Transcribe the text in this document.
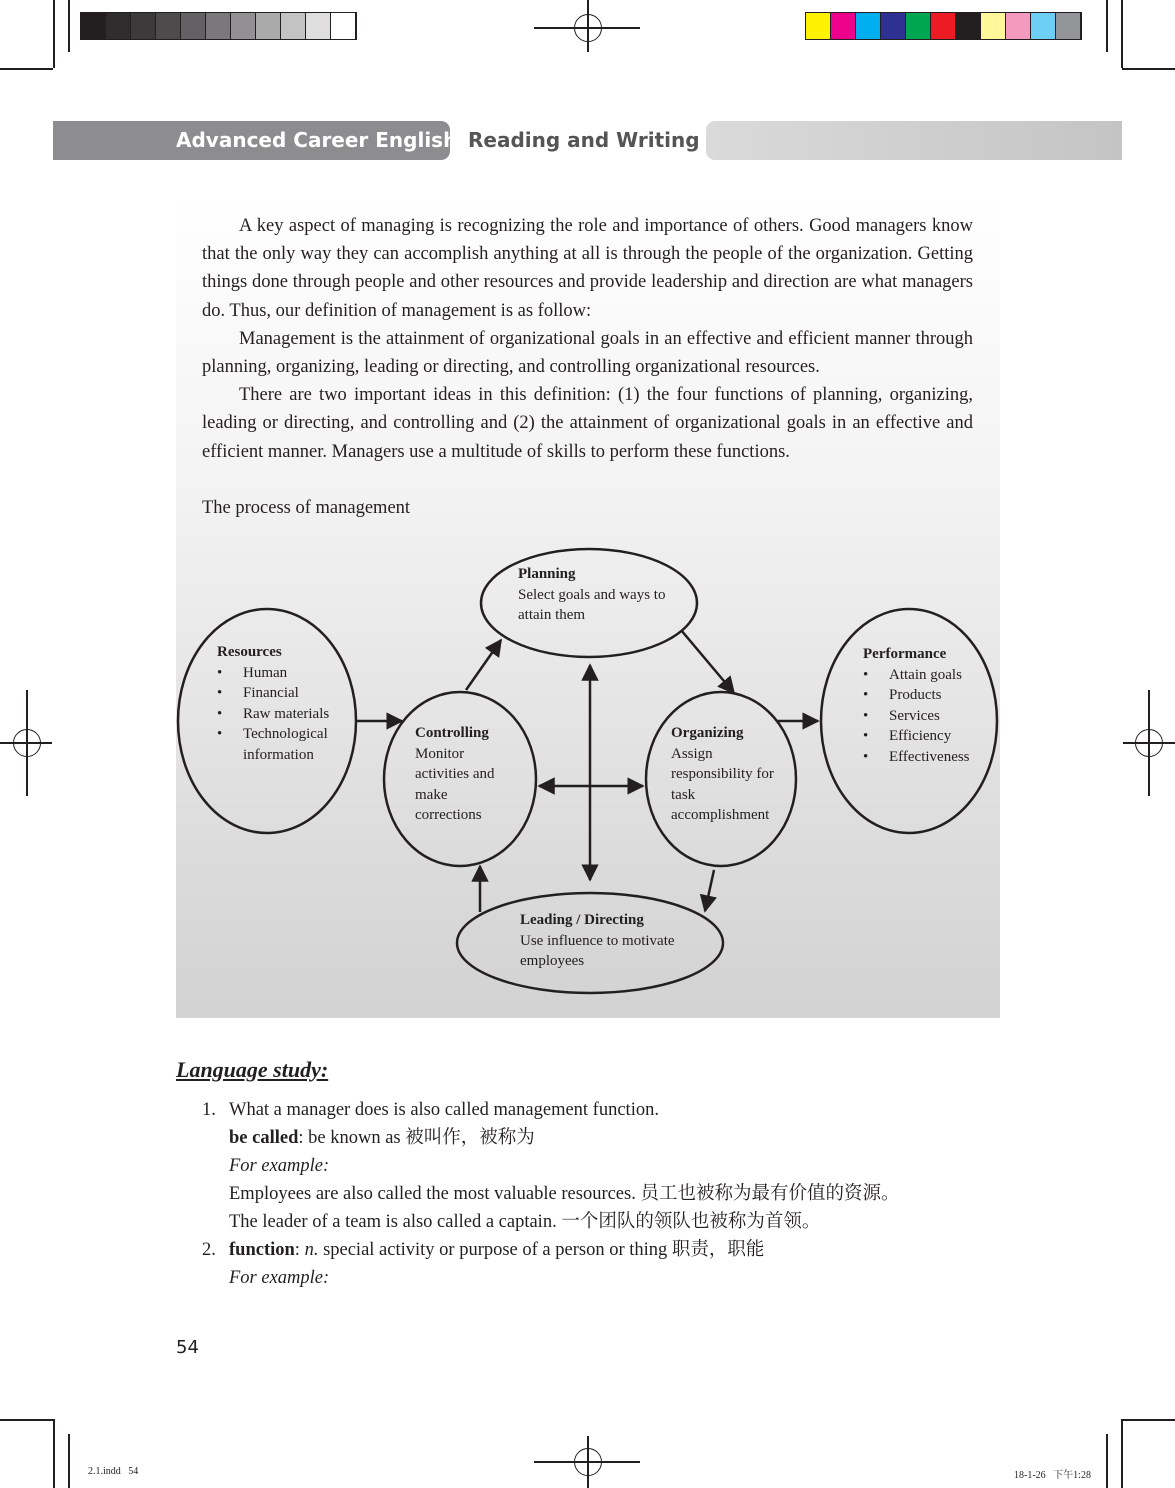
Advanced Career English Reading and Writing

A key aspect of managing is recognizing the role and importance of others. Good managers know that the only way they can accomplish anything at all is through the people of the organization. Getting things done through people and other resources and provide leadership and direction are what managers do. Thus, our definition of management is as follow:

Management is the attainment of organizational goals in an effective and efficient manner through planning, organizing, leading or directing, and controlling organizational resources.

There are two important ideas in this definition: (1) the four functions of planning, organizing, leading or directing, and controlling and (2) the attainment of organizational goals in an effective and efficient manner. Managers use a multitude of skills to perform these functions.

The process of management
Resources
• Human
• Financial
• Raw materials
• Technological information
Planning
Select goals and ways to attain them
Controlling
Monitor activities and make corrections
Organizing
Assign responsibility for task accomplishment
Leading / Directing
Use influence to motivate employees
Performance
• Attain goals
• Products
• Services
• Efficiency
• Effectiveness
Language study:
1. What a manager does is also called management function.
be called: be known as 被叫作，被称为
For example:
Employees are also called the most valuable resources. 员工也被称为最有价值的资源。
The leader of a team is also called a captain. 一个团队的领队也被称为首领。
2. function: n. special activity or purpose of a person or thing 职责，职能
For example:
54
2.1.indd   54	18-1-26   下午1:28
